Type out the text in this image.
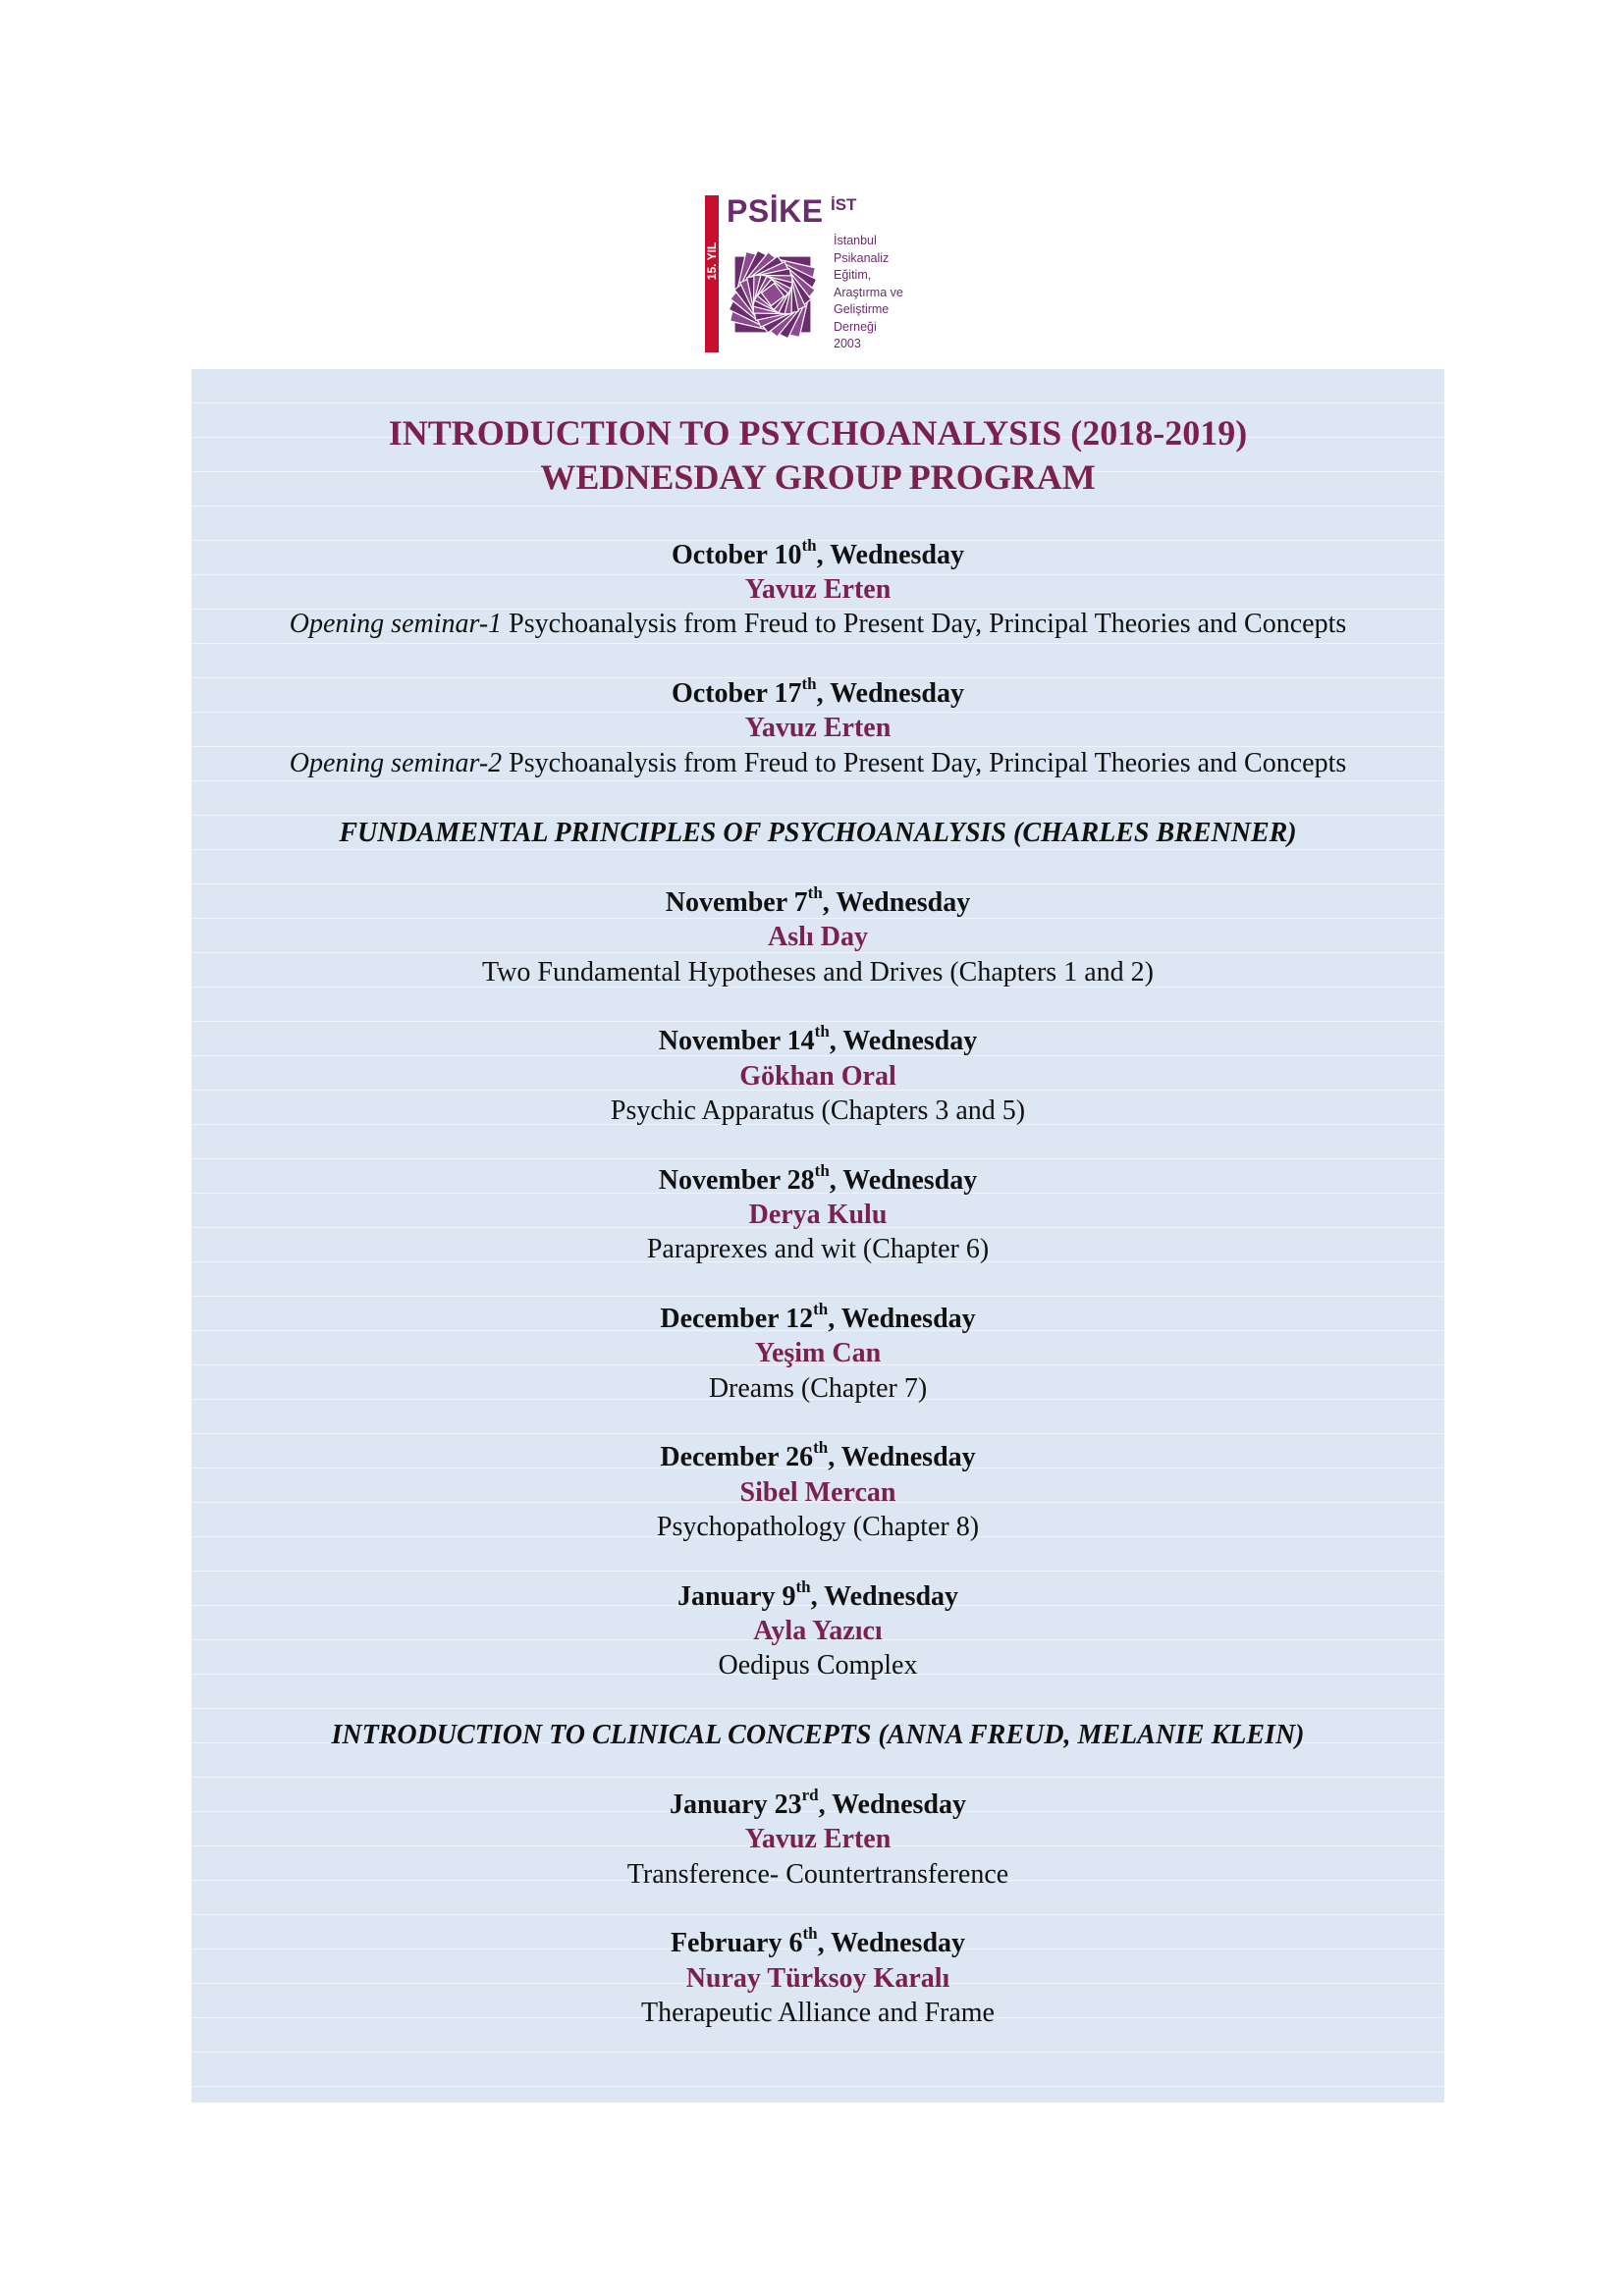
15. YIL
PSİKE İST
İstanbul
Psikanaliz
Eğitim,
Araştırma ve
Geliştirme
Derneği
2003
INTRODUCTION TO PSYCHOANALYSIS (2018-2019)
WEDNESDAY GROUP PROGRAM
October 10th, Wednesday
Yavuz Erten
Opening seminar-1 Psychoanalysis from Freud to Present Day, Principal Theories and Concepts
October 17th, Wednesday
Yavuz Erten
Opening seminar-2 Psychoanalysis from Freud to Present Day, Principal Theories and Concepts
FUNDAMENTAL PRINCIPLES OF PSYCHOANALYSIS (CHARLES BRENNER)
November 7th, Wednesday
Aslı Day
Two Fundamental Hypotheses and Drives (Chapters 1 and 2)
November 14th, Wednesday
Gökhan Oral
Psychic Apparatus (Chapters 3 and 5)
November 28th, Wednesday
Derya Kulu
Paraprexes and wit (Chapter 6)
December 12th, Wednesday
Yeşim Can
Dreams (Chapter 7)
December 26th, Wednesday
Sibel Mercan
Psychopathology (Chapter 8)
January 9th, Wednesday
Ayla Yazıcı
Oedipus Complex
INTRODUCTION TO CLINICAL CONCEPTS (ANNA FREUD, MELANIE KLEIN)
January 23rd, Wednesday
Yavuz Erten
Transference- Countertransference
February 6th, Wednesday
Nuray Türksoy Karalı
Therapeutic Alliance and Frame
